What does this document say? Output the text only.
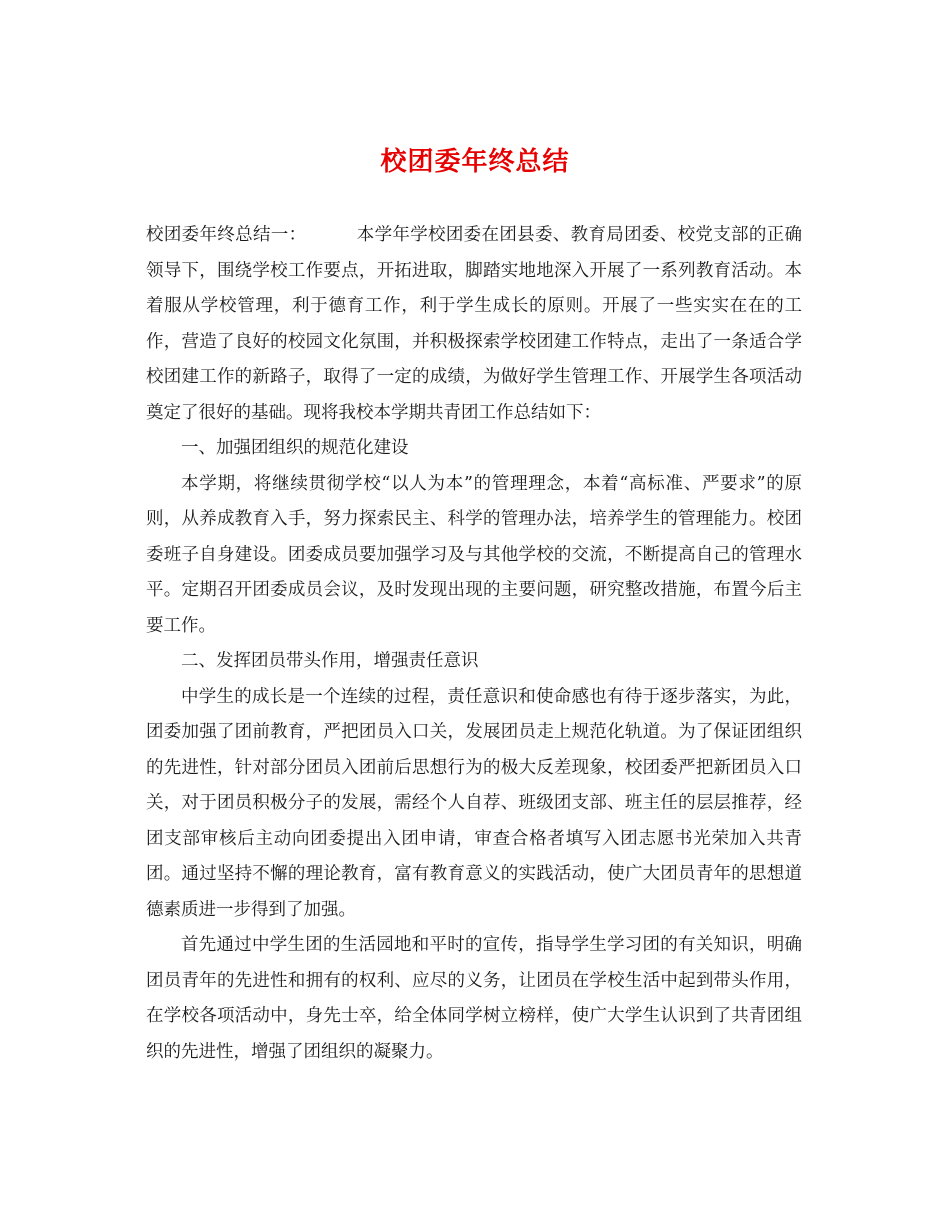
校团委年终总结

校团委年终总结一：	本学年学校团委在团县委、教育局团委、校党支部的正确领导下，围绕学校工作要点，开拓进取，脚踏实地地深入开展了一系列教育活动。本着服从学校管理，利于德育工作，利于学生成长的原则。开展了一些实实在在的工作，营造了良好的校园文化氛围，并积极探索学校团建工作特点，走出了一条适合学校团建工作的新路子，取得了一定的成绩，为做好学生管理工作、开展学生各项活动奠定了很好的基础。现将我校本学期共青团工作总结如下：

一、加强团组织的规范化建设

本学期，将继续贯彻学校“以人为本”的管理理念，本着“高标准、严要求”的原则，从养成教育入手，努力探索民主、科学的管理办法，培养学生的管理能力。校团委班子自身建设。团委成员要加强学习及与其他学校的交流，不断提高自己的管理水平。定期召开团委成员会议，及时发现出现的主要问题，研究整改措施，布置今后主要工作。

二、发挥团员带头作用，增强责任意识

中学生的成长是一个连续的过程，责任意识和使命感也有待于逐步落实，为此，团委加强了团前教育，严把团员入口关，发展团员走上规范化轨道。为了保证团组织的先进性，针对部分团员入团前后思想行为的极大反差现象，校团委严把新团员入口关，对于团员积极分子的发展，需经个人自荐、班级团支部、班主任的层层推荐，经团支部审核后主动向团委提出入团申请，审查合格者填写入团志愿书光荣加入共青团。通过坚持不懈的理论教育，富有教育意义的实践活动，使广大团员青年的思想道德素质进一步得到了加强。

首先通过中学生团的生活园地和平时的宣传，指导学生学习团的有关知识，明确团员青年的先进性和拥有的权利、应尽的义务，让团员在学校生活中起到带头作用，在学校各项活动中，身先士卒，给全体同学树立榜样，使广大学生认识到了共青团组织的先进性，增强了团组织的凝聚力。
